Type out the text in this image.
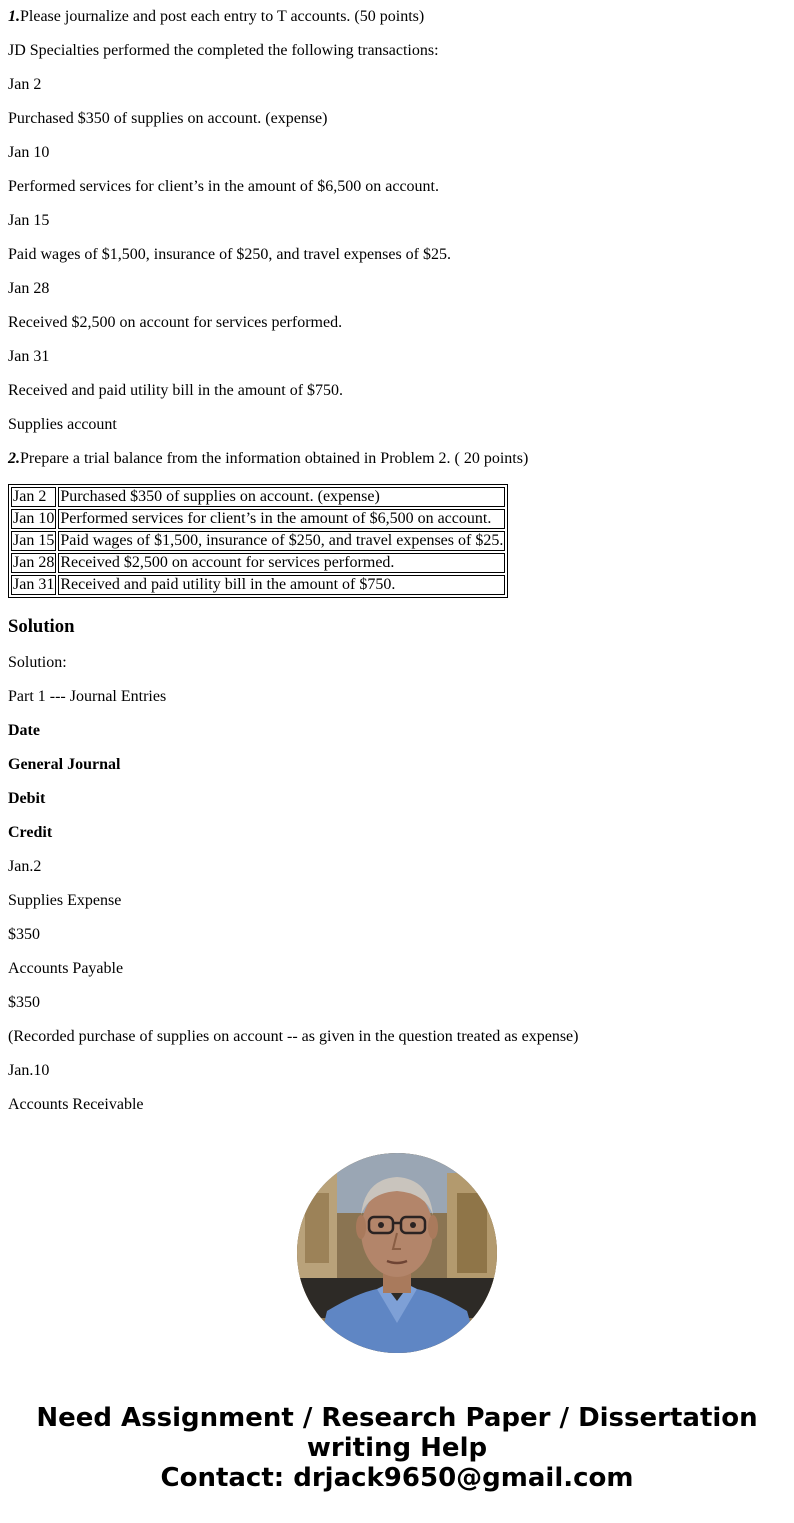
1.Please journalize and post each entry to T accounts. (50 points)

JD Specialties performed the completed the following transactions:

Jan 2

Purchased $350 of supplies on account. (expense)

Jan 10

Performed services for client’s in the amount of $6,500 on account.

Jan 15

Paid wages of $1,500, insurance of $250, and travel expenses of $25.

Jan 28

Received $2,500 on account for services performed.

Jan 31

Received and paid utility bill in the amount of $750.

Supplies account

2.Prepare a trial balance from the information obtained in Problem 2. ( 20 points)

Jan 2	Purchased $350 of supplies on account. (expense)
Jan 10	Performed services for client’s in the amount of $6,500 on account.
Jan 15	Paid wages of $1,500, insurance of $250, and travel expenses of $25.
Jan 28	Received $2,500 on account for services performed.
Jan 31	Received and paid utility bill in the amount of $750.
Solution

Solution:

Part 1 --- Journal Entries

Date

General Journal

Debit

Credit

Jan.2

Supplies Expense

$350

Accounts Payable

$350

(Recorded purchase of supplies on account -- as given in the question treated as expense)

Jan.10

Accounts Receivable

Need Assignment / Research Paper / Dissertation
writing Help
Contact: drjack9650@gmail.com
